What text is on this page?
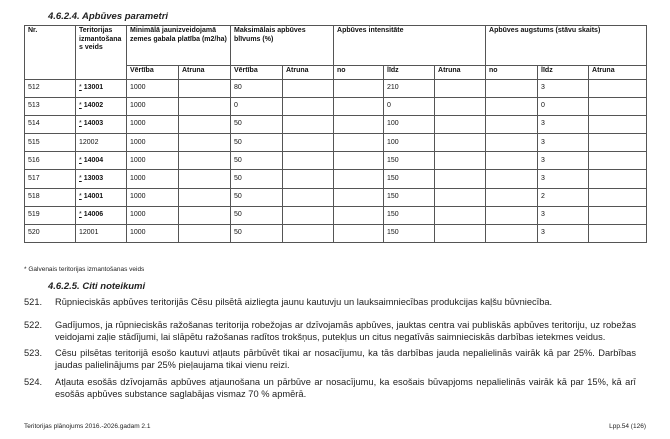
4.6.2.4. Apbūves parametri
Nr.	Teritorijas izmantošana s veids	Minimālā jaunizveidojamā zemes gabala platība (m2/ha)		Maksimālais apbūves blīvums (%)		Apbūves intensitāte			Apbūves augstums (stāvu skaits)		
		Vērtība	Atruna	Vērtība	Atruna	no	līdz	Atruna	no	līdz	Atruna
512	* 13001	1000		80			210			3	
513	* 14002	1000		0			0			0	
514	* 14003	1000		50			100			3	
515	12002	1000		50			100			3	
516	* 14004	1000		50			150			3	
517	* 13003	1000		50			150			3	
518	* 14001	1000		50			150			2	
519	* 14006	1000		50			150			3	
520	12001	1000		50			150			3	
* Galvenais teritorijas izmantošanas veids
4.6.2.5. Citi noteikumi
521. Rūpnieciskās apbūves teritorijās Cēsu pilsētā aizliegta jaunu kautuvju un lauksaimniecības produkcijas kaļšu būvniecība.
522. Gadījumos, ja rūpnieciskās ražošanas teritorija robežojas ar dzīvojamās apbūves, jauktas centra vai publiskās apbūves teritoriju, uz robežas veidojami zaļie stādījumi, lai slāpētu ražošanas radītos trokšņus, putekļus un citus negatīvās saimnieciskās darbības ietekmes veidus.
523. Cēsu pilsētas teritorijā esošo kautuvi atļauts pārbūvēt tikai ar nosacījumu, ka tās darbības jauda nepalielinās vairāk kā par 25%. Darbības jaudas palielinājums par 25% pieļaujama tikai vienu reizi.
524. Atļauta esošās dzīvojamās apbūves atjaunošana un pārbūve ar nosacījumu, ka esošais būvapjoms nepalielinās vairāk kā par 15%, kā arī esošās apbūves substance saglabājas vismaz 70 % apmērā.
Teritorijas plānojums 2016.-2026.gadam 2.1	Lpp.54 (126)
